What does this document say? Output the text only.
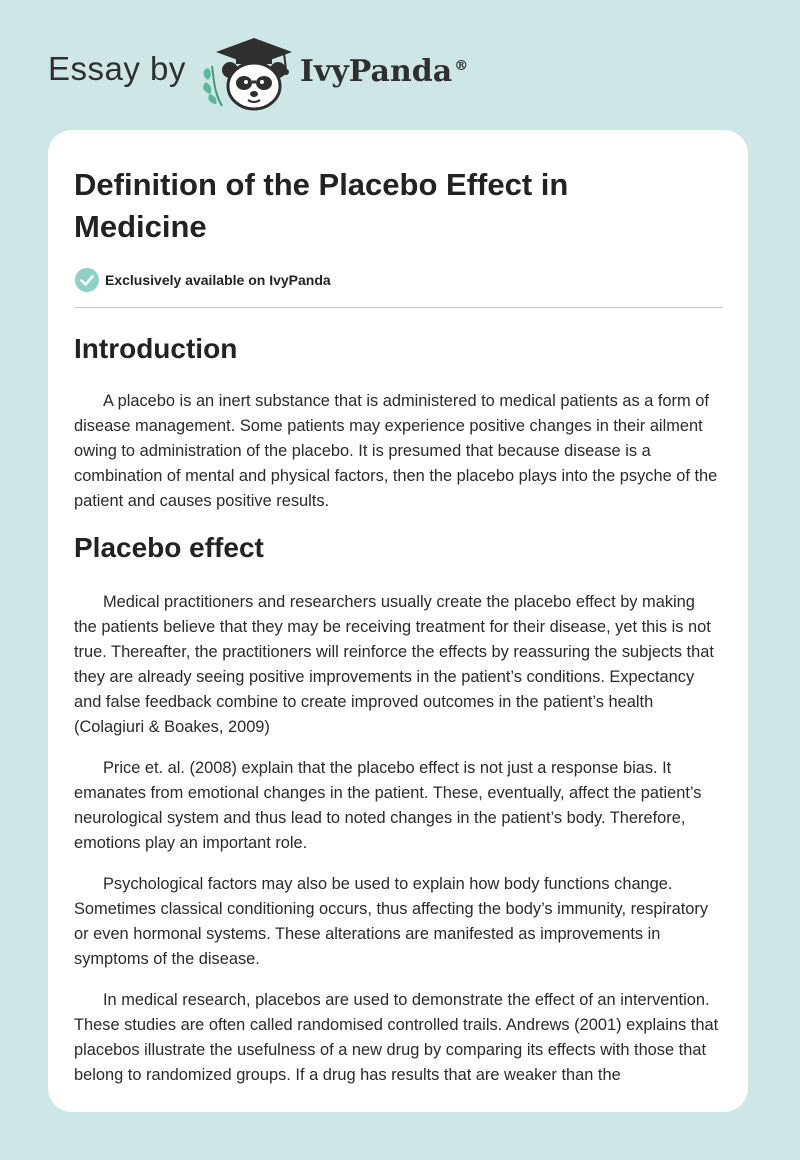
Essay by	IvyPanda ®
Definition of the Placebo Effect in Medicine
Exclusively available on IvyPanda
Introduction

A placebo is an inert substance that is administered to medical patients as a form of disease management. Some patients may experience positive changes in their ailment owing to administration of the placebo. It is presumed that because disease is a combination of mental and physical factors, then the placebo plays into the psyche of the patient and causes positive results.

Placebo effect

Medical practitioners and researchers usually create the placebo effect by making the patients believe that they may be receiving treatment for their disease, yet this is not true. Thereafter, the practitioners will reinforce the effects by reassuring the subjects that they are already seeing positive improvements in the patient’s conditions. Expectancy and false feedback combine to create improved outcomes in the patient’s health (Colagiuri & Boakes, 2009)

Price et. al. (2008) explain that the placebo effect is not just a response bias. It emanates from emotional changes in the patient. These, eventually, affect the patient’s neurological system and thus lead to noted changes in the patient’s body. Therefore, emotions play an important role.

Psychological factors may also be used to explain how body functions change. Sometimes classical conditioning occurs, thus affecting the body’s immunity, respiratory or even hormonal systems. These alterations are manifested as improvements in symptoms of the disease.

In medical research, placebos are used to demonstrate the effect of an intervention. These studies are often called randomised controlled trails. Andrews (2001) explains that placebos illustrate the usefulness of a new drug by comparing its effects with those that belong to randomized groups. If a drug has results that are weaker than the
